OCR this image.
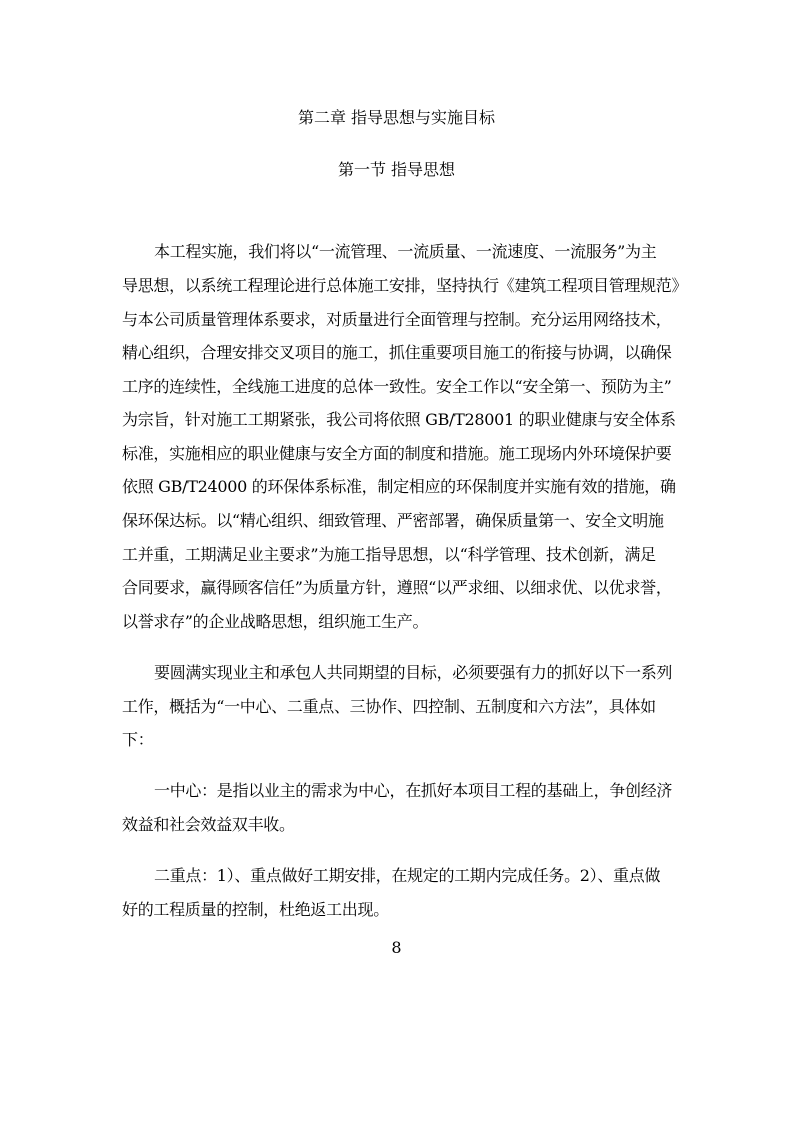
第二章 指导思想与实施目标
第一节 指导思想
本工程实施，我们将以“一流管理、一流质量、一流速度、一流服务”为主
导思想，以系统工程理论进行总体施工安排，坚持执行《建筑工程项目管理规范》
与本公司质量管理体系要求，对质量进行全面管理与控制。充分运用网络技术，
精心组织，合理安排交叉项目的施工，抓住重要项目施工的衔接与协调，以确保
工序的连续性，全线施工进度的总体一致性。安全工作以“安全第一、预防为主”
为宗旨，针对施工工期紧张，我公司将依照 GB/T28001 的职业健康与安全体系
标准，实施相应的职业健康与安全方面的制度和措施。施工现场内外环境保护要
依照 GB/T24000 的环保体系标准，制定相应的环保制度并实施有效的措施，确
保环保达标。以“精心组织、细致管理、严密部署，确保质量第一、安全文明施
工并重，工期满足业主要求”为施工指导思想，以“科学管理、技术创新，满足
合同要求，赢得顾客信任”为质量方针，遵照“以严求细、以细求优、以优求誉，
以誉求存”的企业战略思想，组织施工生产。
要圆满实现业主和承包人共同期望的目标，必须要强有力的抓好以下一系列
工作，概括为“一中心、二重点、三协作、四控制、五制度和六方法”，具体如
下：
一中心：是指以业主的需求为中心，在抓好本项目工程的基础上，争创经济
效益和社会效益双丰收。
二重点：1）、重点做好工期安排，在规定的工期内完成任务。2）、重点做
好的工程质量的控制，杜绝返工出现。
8
